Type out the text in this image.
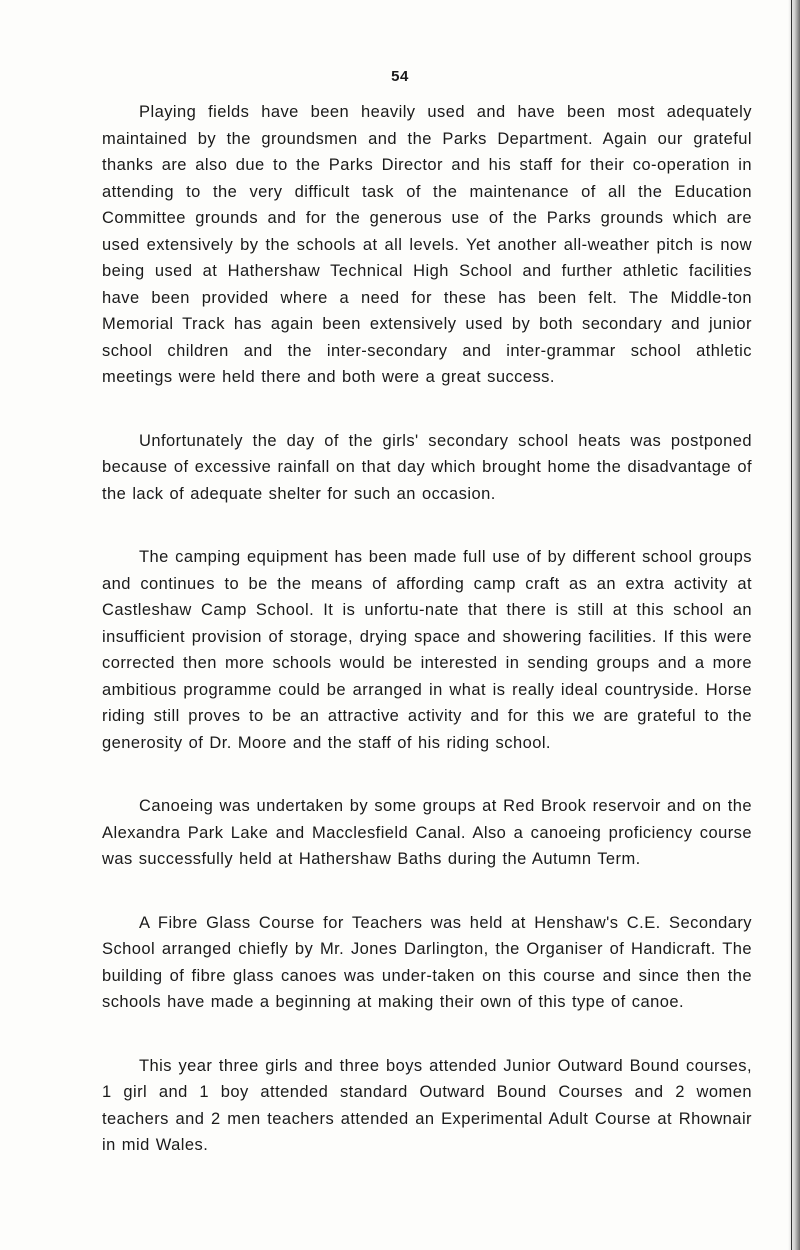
54

Playing fields have been heavily used and have been most adequately maintained by the groundsmen and the Parks Department. Again our grateful thanks are also due to the Parks Director and his staff for their co-operation in attending to the very difficult task of the maintenance of all the Education Committee grounds and for the generous use of the Parks grounds which are used extensively by the schools at all levels. Yet another all-weather pitch is now being used at Hathershaw Technical High School and further athletic facilities have been provided where a need for these has been felt. The Middle-ton Memorial Track has again been extensively used by both secondary and junior school children and the inter-secondary and inter-grammar school athletic meetings were held there and both were a great success.

Unfortunately the day of the girls' secondary school heats was postponed because of excessive rainfall on that day which brought home the disadvantage of the lack of adequate shelter for such an occasion.

The camping equipment has been made full use of by different school groups and continues to be the means of affording camp craft as an extra activity at Castleshaw Camp School. It is unfortu-nate that there is still at this school an insufficient provision of storage, drying space and showering facilities. If this were corrected then more schools would be interested in sending groups and a more ambitious programme could be arranged in what is really ideal countryside. Horse riding still proves to be an attractive activity and for this we are grateful to the generosity of Dr. Moore and the staff of his riding school.

Canoeing was undertaken by some groups at Red Brook reservoir and on the Alexandra Park Lake and Macclesfield Canal. Also a canoeing proficiency course was successfully held at Hathershaw Baths during the Autumn Term.

A Fibre Glass Course for Teachers was held at Henshaw's C.E. Secondary School arranged chiefly by Mr. Jones Darlington, the Organiser of Handicraft. The building of fibre glass canoes was under-taken on this course and since then the schools have made a beginning at making their own of this type of canoe.

This year three girls and three boys attended Junior Outward Bound courses, 1 girl and 1 boy attended standard Outward Bound Courses and 2 women teachers and 2 men teachers attended an Experimental Adult Course at Rhownair in mid Wales.
